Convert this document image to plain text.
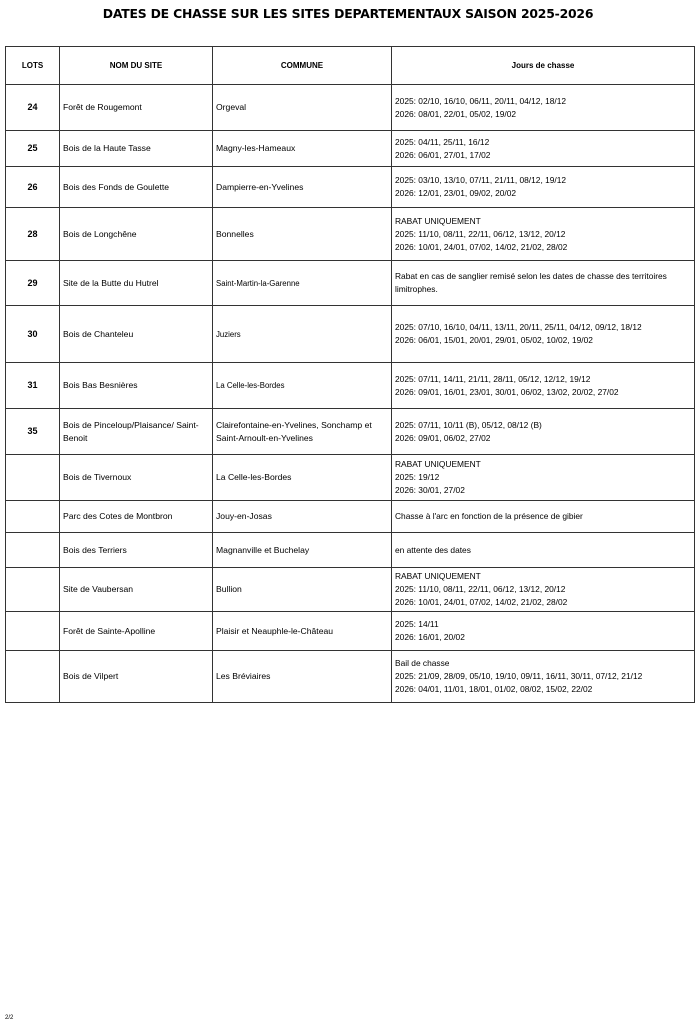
DATES DE CHASSE SUR LES SITES DEPARTEMENTAUX SAISON 2025-2026
LOTS	NOM DU SITE	COMMUNE	Jours de chasse
24	Forêt de Rougemont	Orgeval	2025: 02/10, 16/10, 06/11, 20/11, 04/12, 18/12
2026: 08/01, 22/01, 05/02, 19/02

25	Bois de la Haute Tasse	Magny-les-Hameaux	2025: 04/11, 25/11, 16/12
2026: 06/01, 27/01, 17/02

26	Bois des Fonds de Goulette	Dampierre-en-Yvelines	2025: 03/10, 13/10, 07/11, 21/11, 08/12, 19/12
2026: 12/01, 23/01, 09/02, 20/02

28	Bois de Longchêne	Bonnelles	RABAT UNIQUEMENT
2025: 11/10, 08/11, 22/11, 06/12, 13/12, 20/12
2026: 10/01, 24/01, 07/02, 14/02, 21/02, 28/02

29	Site de la Butte du Hutrel	Saint-Martin-la-Garenne	Rabat en cas de sanglier remisé selon les dates de chasse des territoires limitrophes.

30	Bois de Chanteleu	Juziers	2025: 07/10, 16/10, 04/11, 13/11, 20/11, 25/11, 04/12, 09/12, 18/12
2026: 06/01, 15/01, 20/01, 29/01, 05/02, 10/02, 19/02

31	Bois Bas Besnières	La Celle-les-Bordes	2025: 07/11, 14/11, 21/11, 28/11, 05/12, 12/12, 19/12
2026: 09/01, 16/01, 23/01, 30/01, 06/02, 13/02, 20/02, 27/02

35	Bois de Pinceloup/Plaisance/ Saint-Benoit	Clairefontaine-en-Yvelines, Sonchamp et Saint-Arnoult-en-Yvelines	2025: 07/11, 10/11 (B), 05/12, 08/12 (B)
2026: 09/01, 06/02, 27/02

	Bois de Tivernoux	La Celle-les-Bordes	RABAT UNIQUEMENT
2025: 19/12
2026: 30/01, 27/02

	Parc des Cotes de Montbron	Jouy-en-Josas	Chasse à l'arc en fonction de la présence de gibier

	Bois des Terriers	Magnanville et Buchelay	en attente des dates

	Site de Vaubersan	Bullion	RABAT UNIQUEMENT
2025: 11/10, 08/11, 22/11, 06/12, 13/12, 20/12
2026: 10/01, 24/01, 07/02, 14/02, 21/02, 28/02

	Forêt de Sainte-Apolline	Plaisir et Neauphle-le-Château	2025: 14/11
2026: 16/01, 20/02

	Bois de Vilpert	Les Bréviaires	Bail de chasse
2025: 21/09, 28/09, 05/10, 19/10, 09/11, 16/11, 30/11, 07/12, 21/12
2026: 04/01, 11/01, 18/01, 01/02, 08/02, 15/02, 22/02
2/2
